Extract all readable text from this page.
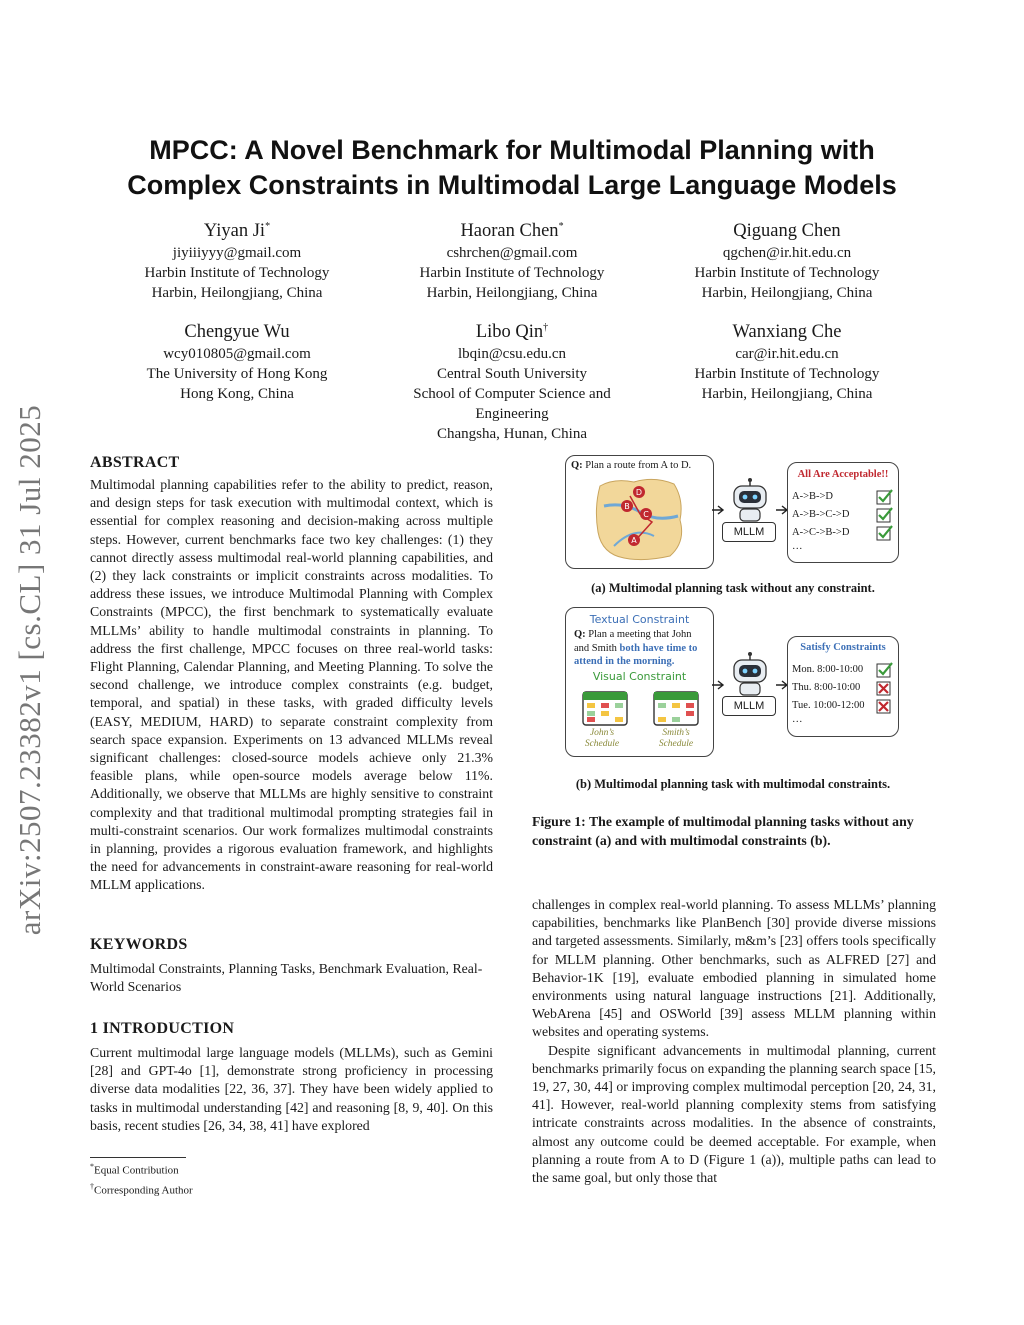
arXiv:2507.23382v1 [cs.CL] 31 Jul 2025
MPCC: A Novel Benchmark for Multimodal Planning with
Complex Constraints in Multimodal Large Language Models
Yiyan Ji*
jiyiiiyyy@gmail.com
Harbin Institute of Technology
Harbin, Heilongjiang, China
Haoran Chen*
cshrchen@gmail.com
Harbin Institute of Technology
Harbin, Heilongjiang, China
Qiguang Chen
qgchen@ir.hit.edu.cn
Harbin Institute of Technology
Harbin, Heilongjiang, China
Chengyue Wu
wcy010805@gmail.com
The University of Hong Kong
Hong Kong, China
Libo Qin†
lbqin@csu.edu.cn
Central South University
School of Computer Science and
Engineering
Changsha, Hunan, China
Wanxiang Che
car@ir.hit.edu.cn
Harbin Institute of Technology
Harbin, Heilongjiang, China
ABSTRACT

Multimodal planning capabilities refer to the ability to predict, reason, and design steps for task execution with multimodal context, which is essential for complex reasoning and decision-making across multiple steps. However, current benchmarks face two key challenges: (1) they cannot directly assess multimodal real-world planning capabilities, and (2) they lack constraints or implicit constraints across modalities. To address these issues, we introduce Multimodal Planning with Complex Constraints (MPCC), the first benchmark to systematically evaluate MLLMs’ ability to handle multimodal constraints in planning. To address the first challenge, MPCC focuses on three real-world tasks: Flight Planning, Calendar Planning, and Meeting Planning. To solve the second challenge, we introduce complex constraints (e.g. budget, temporal, and spatial) in these tasks, with graded difficulty levels (EASY, MEDIUM, HARD) to separate constraint complexity from search space expansion. Experiments on 13 advanced MLLMs reveal significant challenges: closed-source models achieve only 21.3% feasible plans, while open-source models average below 11%. Additionally, we observe that MLLMs are highly sensitive to constraint complexity and that traditional multimodal prompting strategies fail in multi-constraint scenarios. Our work formalizes multimodal constraints in planning, provides a rigorous evaluation framework, and highlights the need for advancements in constraint-aware reasoning for real-world MLLM applications.

KEYWORDS
Multimodal Constraints, Planning Tasks, Benchmark Evaluation, Real-World Scenarios
1 INTRODUCTION

Current multimodal large language models (MLLMs), such as Gemini [28] and GPT-4o [1], demonstrate strong proficiency in processing diverse data modalities [22, 36, 37]. They have been widely applied to tasks in multimodal understanding [42] and reasoning [8, 9, 40]. On this basis, recent studies [26, 34, 38, 41] have explored

*Equal Contribution
†Corresponding Author
Q: Plan a route from A to D.
D
B
C
A
MLLM
All Are Acceptable!!
A->B->D
A->B->C->D
A->C->B->D
…
(a) Multimodal planning task without any constraint.
Textual Constraint
Q: Plan a meeting that John and Smith both have time to attend in the morning.
Visual Constraint
John’s Schedule
Smith’s Schedule
MLLM
Satisfy Constraints
Mon. 8:00-10:00
Thu. 8:00-10:00
Tue. 10:00-12:00
…
(b) Multimodal planning task with multimodal constraints.
Figure 1: The example of multimodal planning tasks without any constraint (a) and with multimodal constraints (b).

challenges in complex real-world planning. To assess MLLMs’ planning capabilities, benchmarks like PlanBench [30] provide diverse missions and targeted assessments. Similarly, m&m’s [23] offers tools specifically for MLLM planning. Other benchmarks, such as ALFRED [27] and Behavior-1K [19], evaluate embodied planning in simulated home environments using natural language instructions [21]. Additionally, WebArena [45] and OSWorld [39] assess MLLM planning within websites and operating systems.

Despite significant advancements in multimodal planning, current benchmarks primarily focus on expanding the planning search space [15, 19, 27, 30, 44] or improving complex multimodal perception [20, 24, 31, 41]. However, real-world planning complexity stems from satisfying intricate constraints across modalities. In the absence of constraints, almost any outcome could be deemed acceptable. For example, when planning a route from A to D (Figure 1 (a)), multiple paths can lead to the same goal, but only those that
